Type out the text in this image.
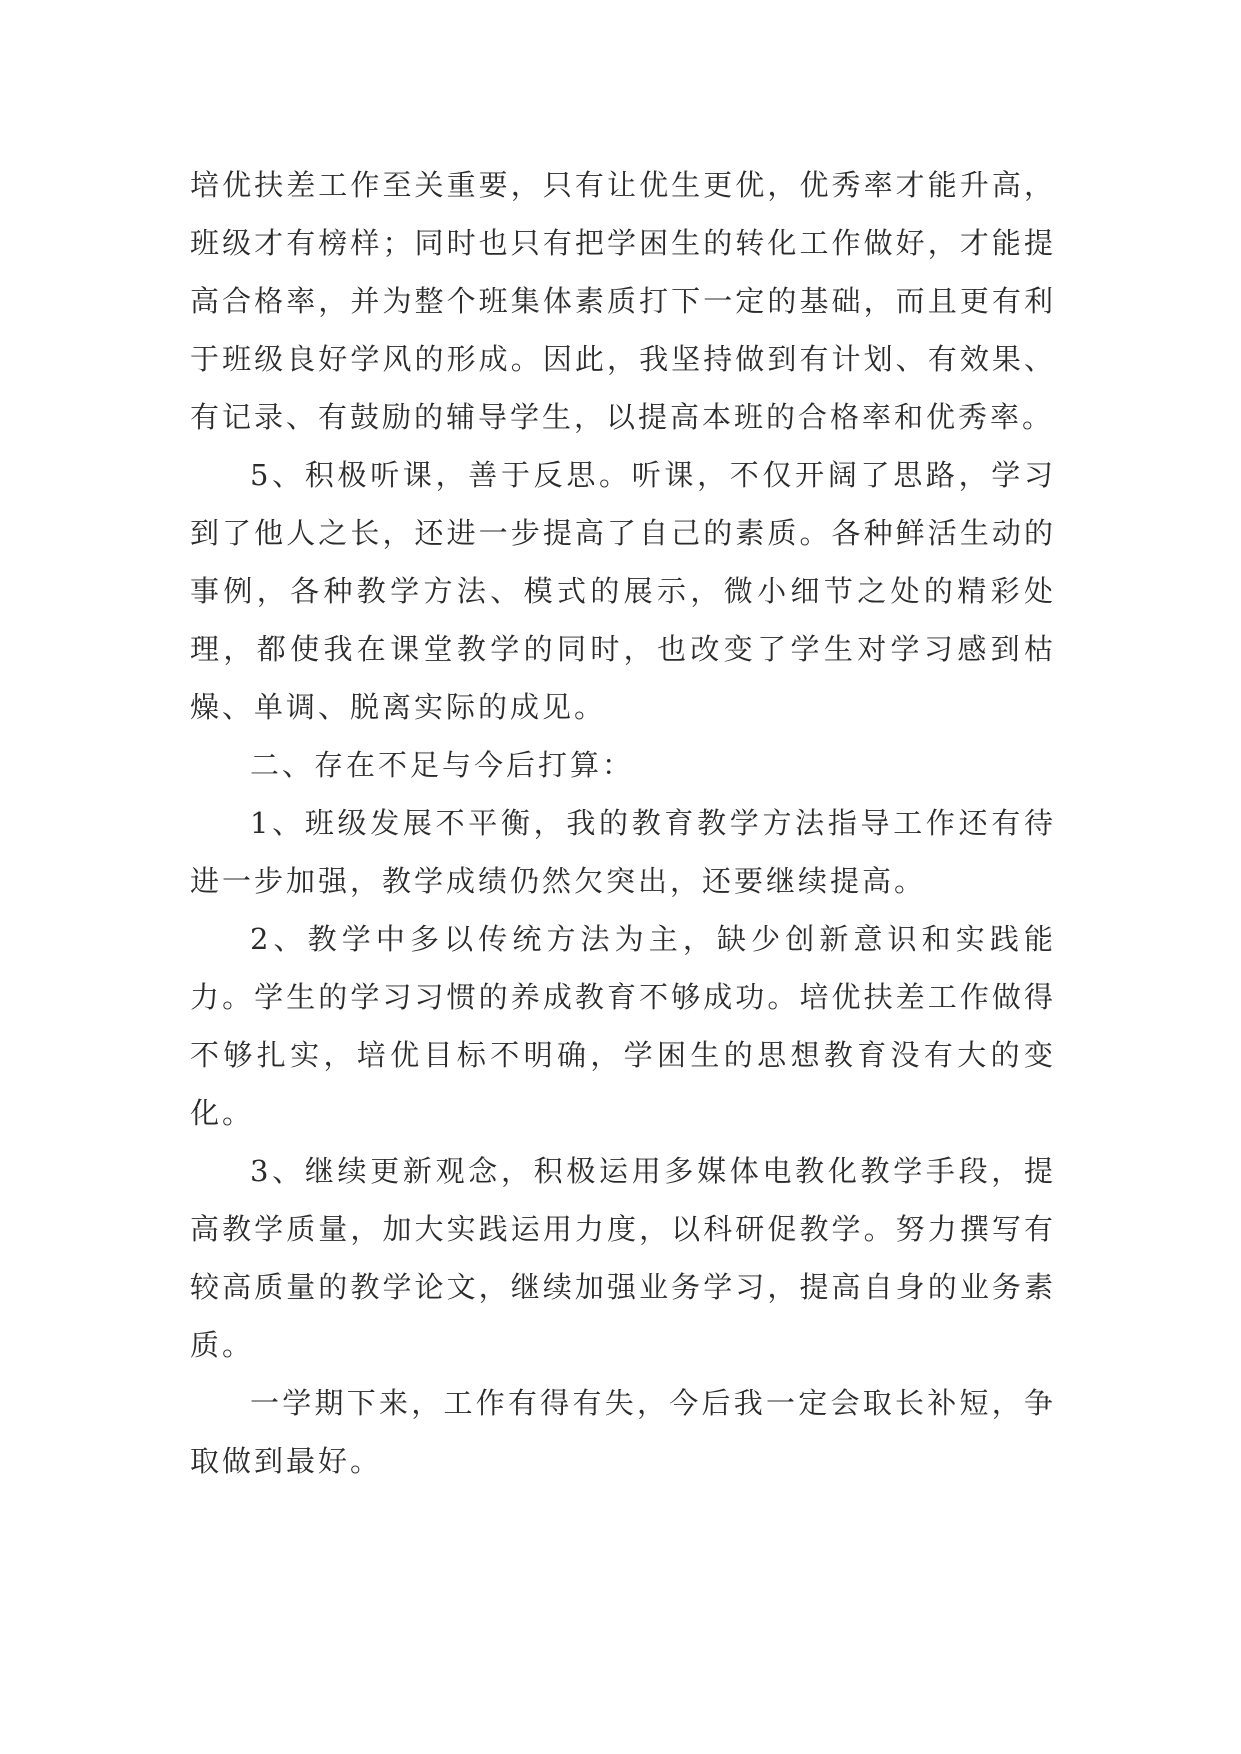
培优扶差工作至关重要，只有让优生更优，优秀率才能升高，班级才有榜样；同时也只有把学困生的转化工作做好，才能提高合格率，并为整个班集体素质打下一定的基础，而且更有利于班级良好学风的形成。因此，我坚持做到有计划、有效果、有记录、有鼓励的辅导学生，以提高本班的合格率和优秀率。

5、积极听课，善于反思。听课，不仅开阔了思路，学习到了他人之长，还进一步提高了自己的素质。各种鲜活生动的事例，各种教学方法、模式的展示，微小细节之处的精彩处理，都使我在课堂教学的同时，也改变了学生对学习感到枯燥、单调、脱离实际的成见。

二、存在不足与今后打算：

1、班级发展不平衡，我的教育教学方法指导工作还有待进一步加强，教学成绩仍然欠突出，还要继续提高。

2、教学中多以传统方法为主，缺少创新意识和实践能力。学生的学习习惯的养成教育不够成功。培优扶差工作做得不够扎实，培优目标不明确，学困生的思想教育没有大的变化。

3、继续更新观念，积极运用多媒体电教化教学手段，提高教学质量，加大实践运用力度，以科研促教学。努力撰写有较高质量的教学论文，继续加强业务学习，提高自身的业务素质。

一学期下来，工作有得有失，今后我一定会取长补短，争取做到最好。
